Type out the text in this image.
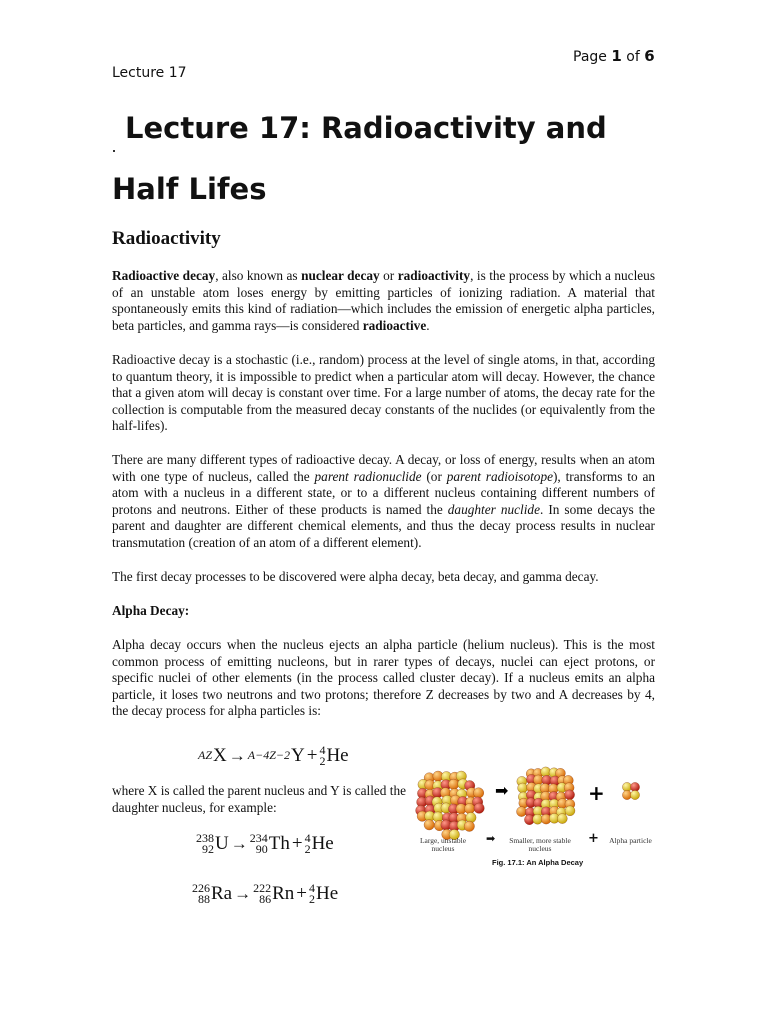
Page 1 of 6
Lecture 17
Lecture 17: Radioactivity and
Half Lifes
Radioactivity

Radioactive decay, also known as nuclear decay or radioactivity, is the process by which a nucleus of an unstable atom loses energy by emitting particles of ionizing radiation. A material that spontaneously emits this kind of radiation—which includes the emission of energetic alpha particles, beta particles, and gamma rays—is considered radioactive.

Radioactive decay is a stochastic (i.e., random) process at the level of single atoms, in that, according to quantum theory, it is impossible to predict when a particular atom will decay. However, the chance that a given atom will decay is constant over time. For a large number of atoms, the decay rate for the collection is computable from the measured decay constants of the nuclides (or equivalently from the half-lifes).

There are many different types of radioactive decay. A decay, or loss of energy, results when an atom with one type of nucleus, called the parent radionuclide (or parent radioisotope), transforms to an atom with a nucleus in a different state, or to a different nucleus containing different numbers of protons and neutrons. Either of these products is named the daughter nuclide. In some decays the parent and daughter are different chemical elements, and thus the decay process results in nuclear transmutation (creation of an atom of a different element).

The first decay processes to be discovered were alpha decay, beta decay, and gamma decay.

Alpha Decay:

Alpha decay occurs when the nucleus ejects an alpha particle (helium nucleus). This is the most common process of emitting nucleons, but in rarer types of decays, nuclei can eject protons, or specific nuclei of other elements (in the process called cluster decay). If a nucleus emits an alpha particle, it loses two neutrons and two protons; therefore Z decreases by two and A decreases by 4, the decay process for alpha particles is:

AZX → A−4Z−2Y + 4
2 He

where X is called the parent nucleus and Y is called the daughter nucleus, for example:

238
92 U → 234
90 Th + 4
2 He
226
88 Ra → 222
86 Rn + 4
2 He
➡	+
Large, unstable nucleus
➡	Smaller, more stable nucleus
+	Alpha particle
Fig. 17.1: An Alpha Decay
